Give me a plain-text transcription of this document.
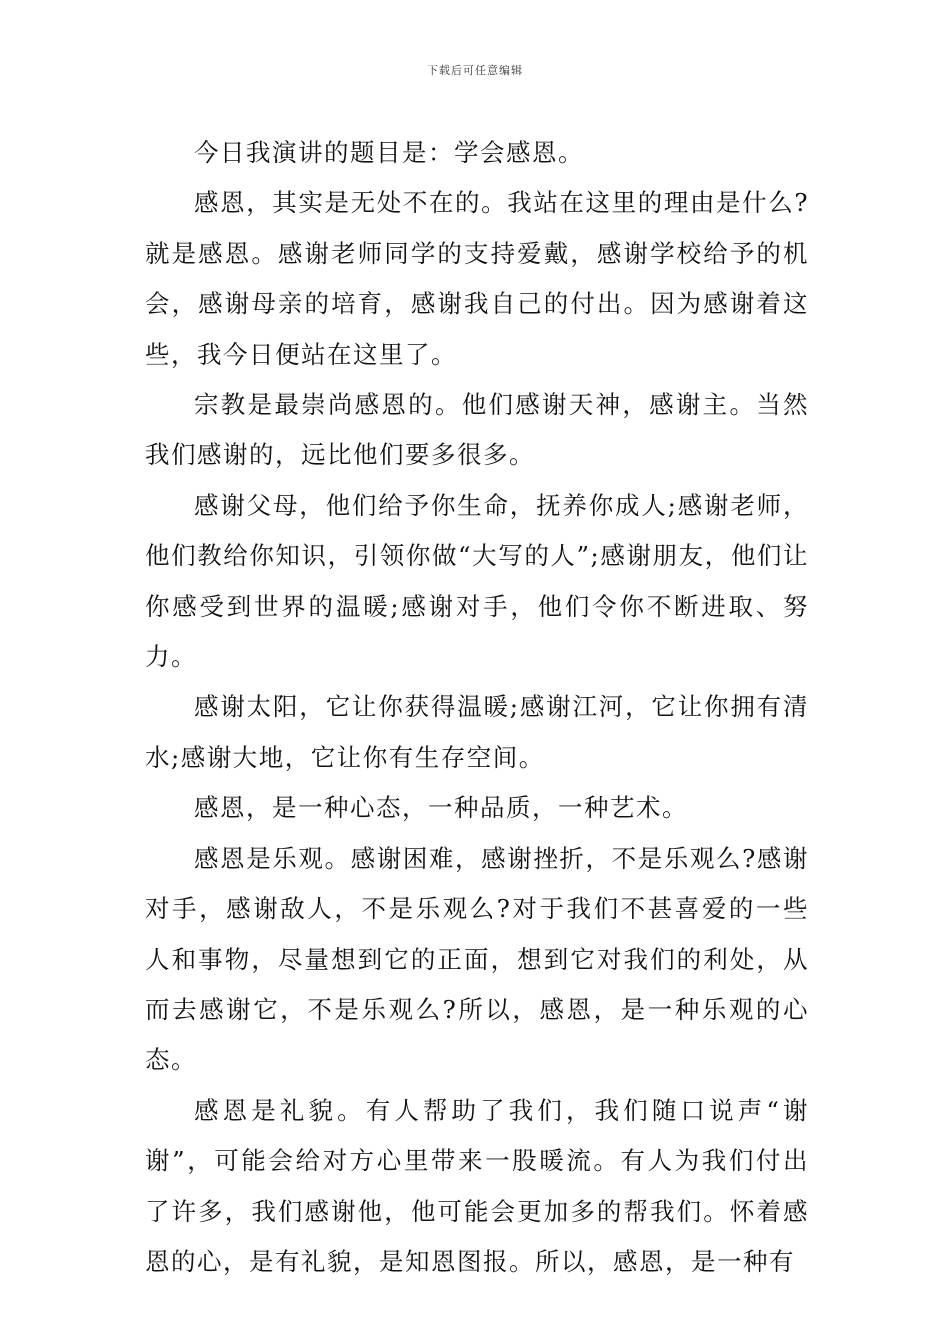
下载后可任意编辑

今日我演讲的题目是：学会感恩。

感恩，其实是无处不在的。我站在这里的理由是什么?就是感恩。感谢老师同学的支持爱戴，感谢学校给予的机会，感谢母亲的培育，感谢我自己的付出。因为感谢着这些，我今日便站在这里了。

宗教是最崇尚感恩的。他们感谢天神，感谢主。当然我们感谢的，远比他们要多很多。

感谢父母，他们给予你生命，抚养你成人;感谢老师，他们教给你知识，引领你做“大写的人”;感谢朋友，他们让你感受到世界的温暖;感谢对手，他们令你不断进取、努力。

感谢太阳，它让你获得温暖;感谢江河，它让你拥有清水;感谢大地，它让你有生存空间。

感恩，是一种心态，一种品质，一种艺术。

感恩是乐观。感谢困难，感谢挫折，不是乐观么?感谢对手，感谢敌人，不是乐观么?对于我们不甚喜爱的一些人和事物，尽量想到它的正面，想到它对我们的利处，从而去感谢它，不是乐观么?所以，感恩，是一种乐观的心态。

感恩是礼貌。有人帮助了我们，我们随口说声“谢谢”，可能会给对方心里带来一股暖流。有人为我们付出了许多，我们感谢他，他可能会更加多的帮我们。怀着感恩的心，是有礼貌，是知恩图报。所以，感恩，是一种有
